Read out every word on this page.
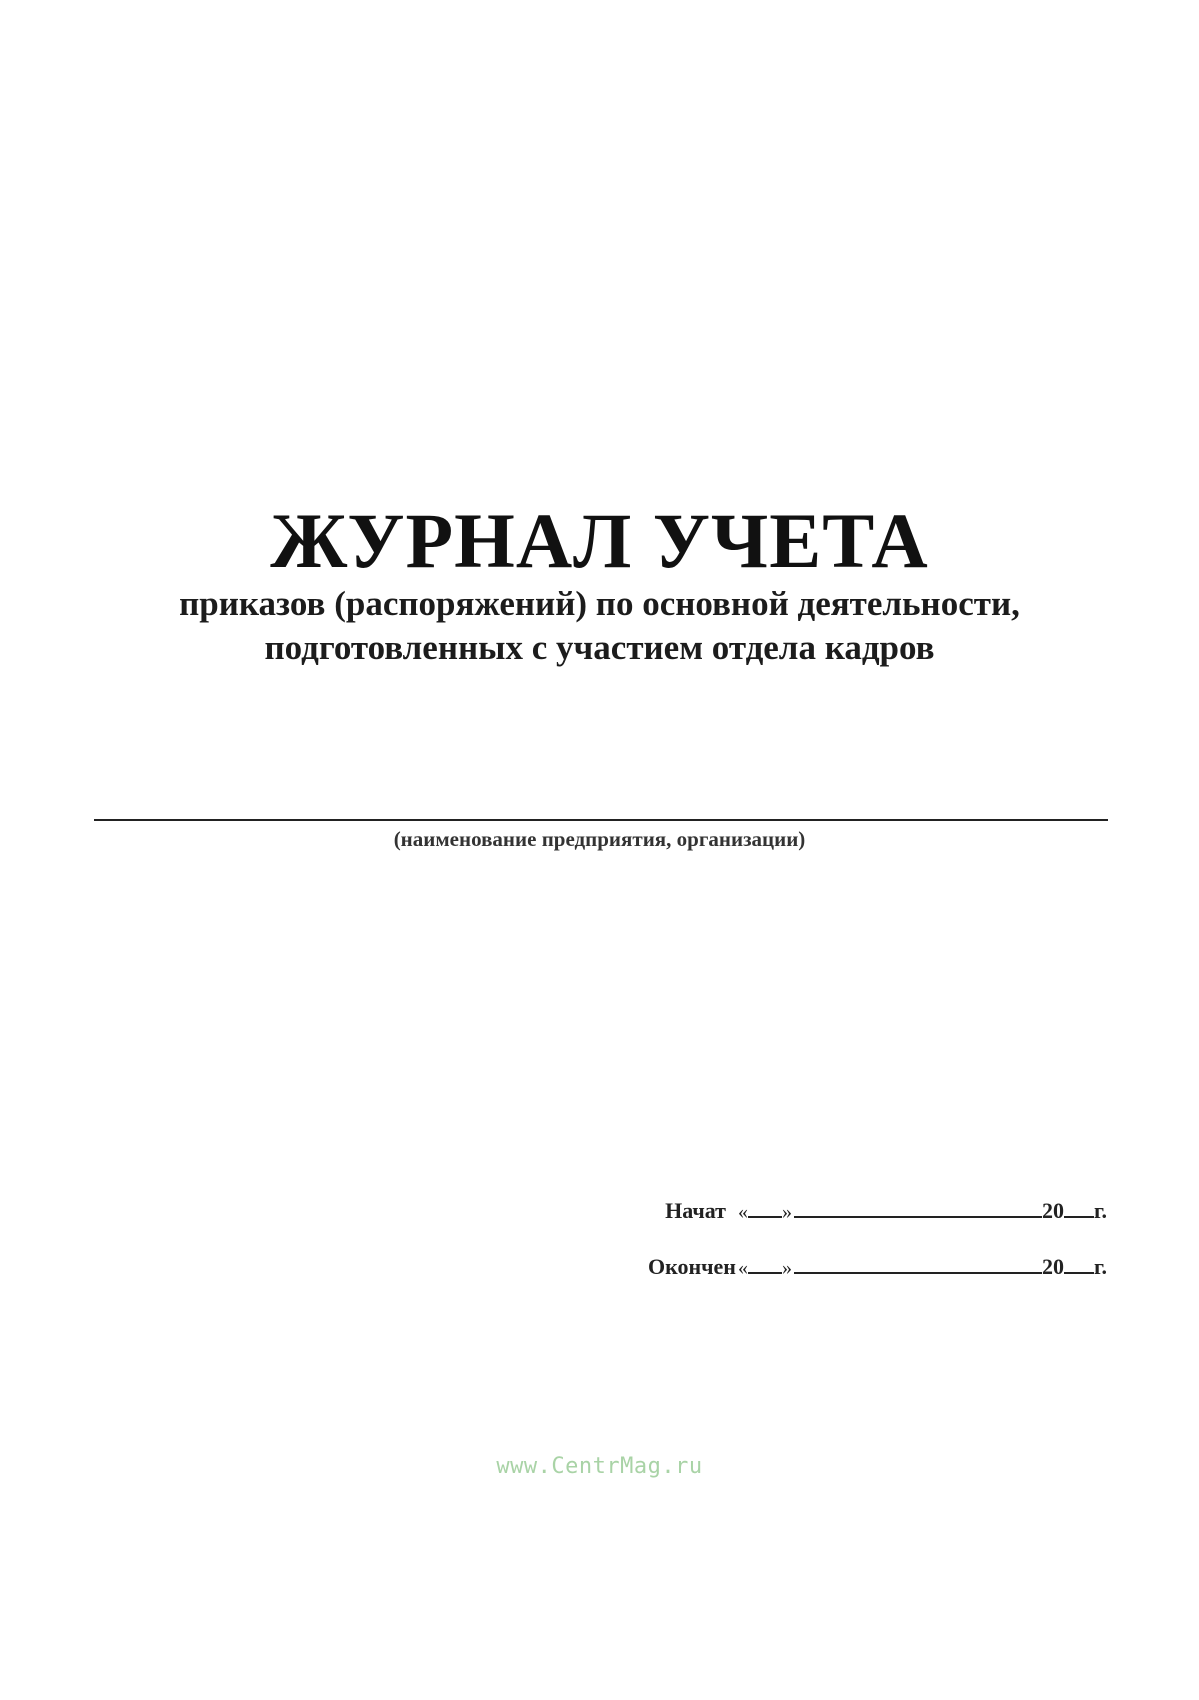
ЖУРНАЛ УЧЕТА

приказов (распоряжений) по основной деятельности,

подготовленных с участием отдела кадров

(наименование предприятия, организации)
Начат « »	20 г.
Окончен « »	20 г.
www.CentrMag.ru
